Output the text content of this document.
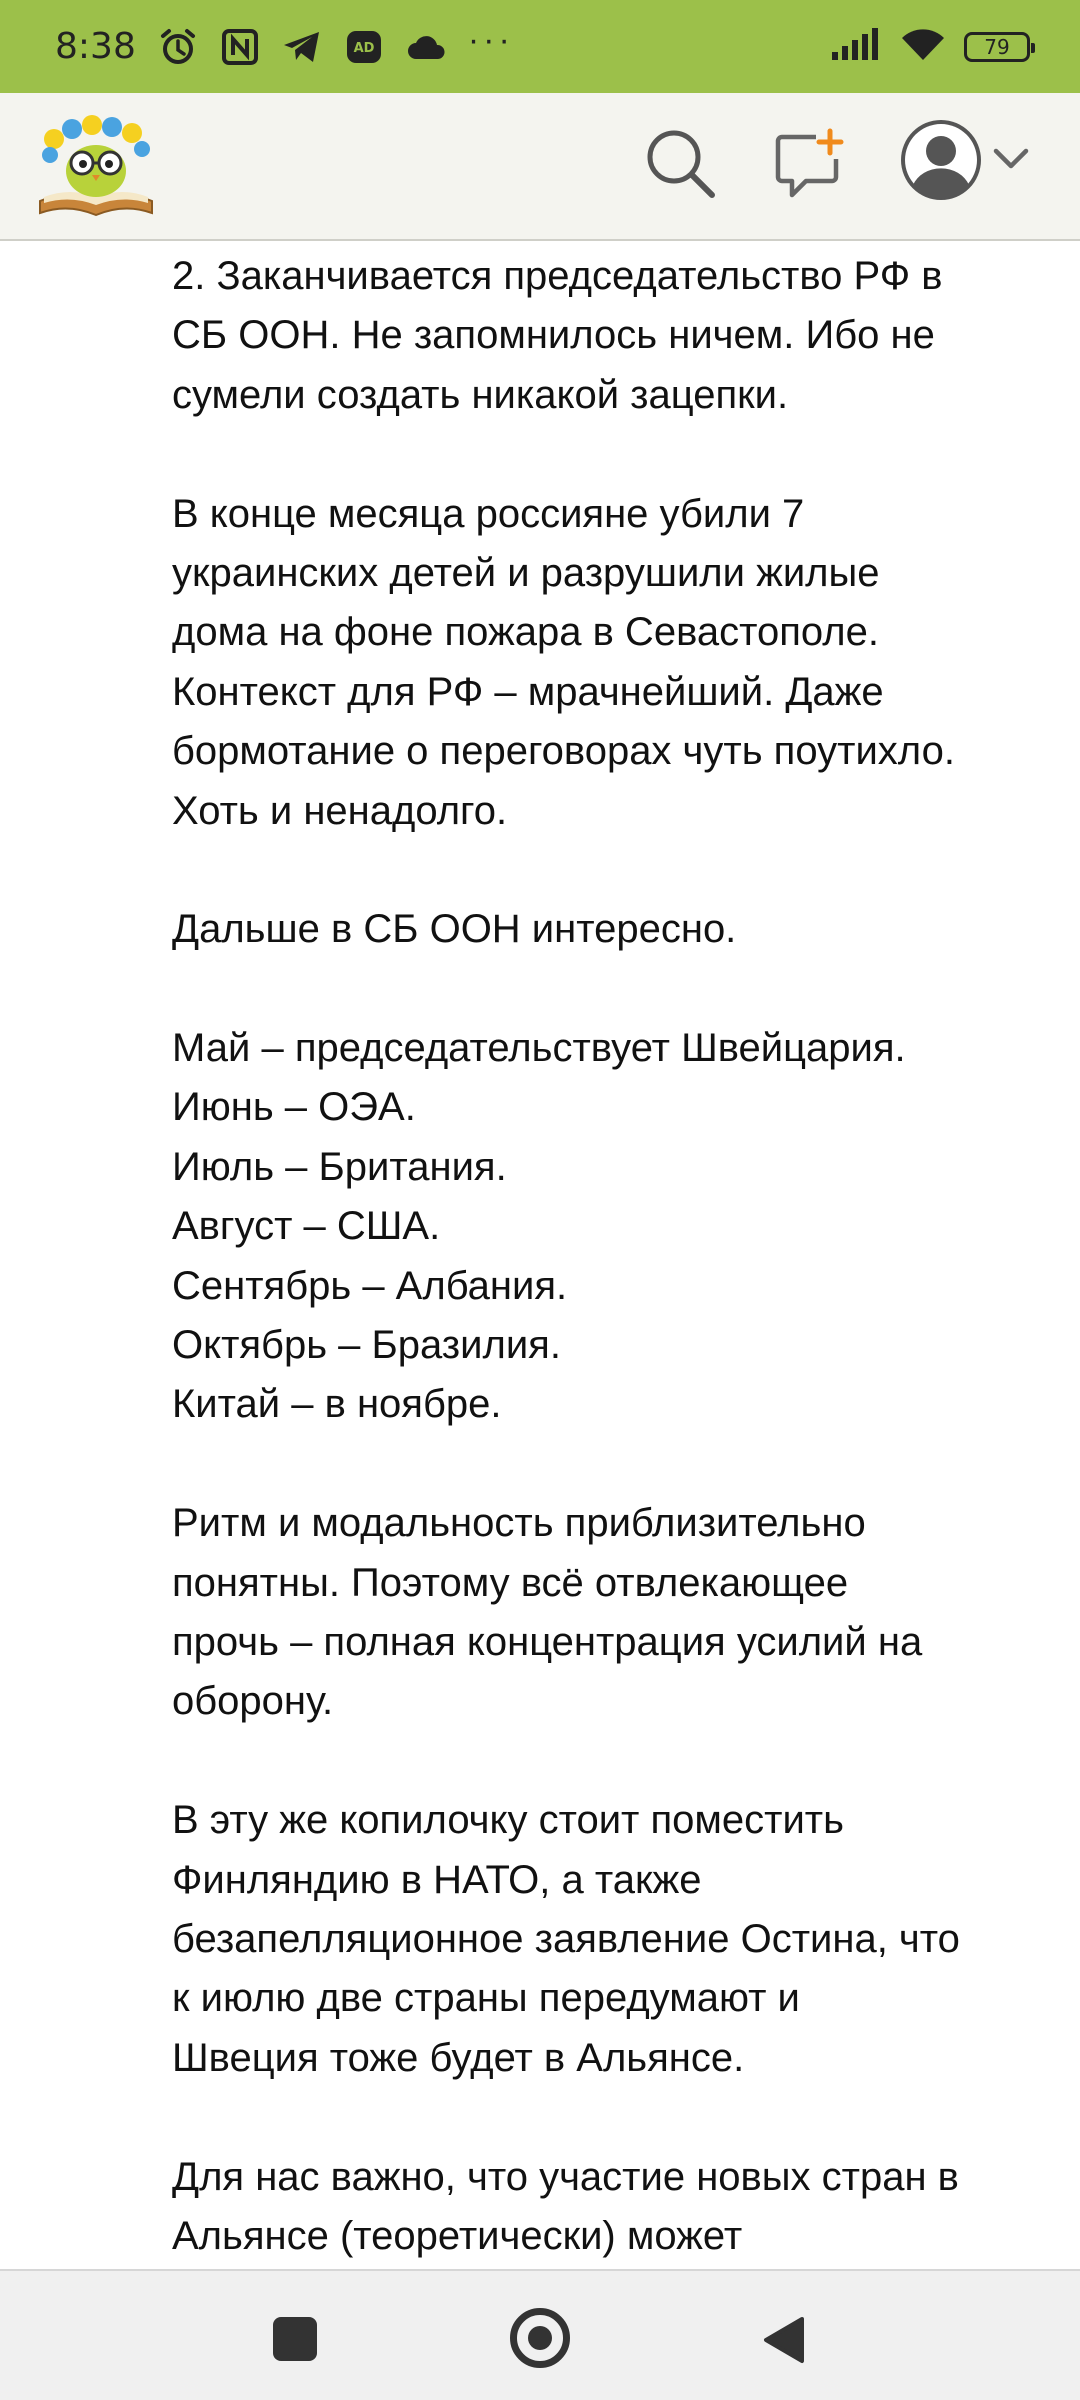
8:38	AD	···	79

2. Заканчивается председательство РФ в
СБ ООН. Не запомнилось ничем. Ибо не
сумели создать никакой зацепки.

В конце месяца россияне убили 7
украинских детей и разрушили жилые
дома на фоне пожара в Севастополе.
Контекст для РФ – мрачнейший. Даже
бормотание о переговорах чуть поутихло.
Хоть и ненадолго.

Дальше в СБ ООН интересно.

Май – председательствует Швейцария.
Июнь – ОЭА.
Июль – Британия.
Август – США.
Сентябрь – Албания.
Октябрь – Бразилия.
Китай – в ноябре.

Ритм и модальность приблизительно
понятны. Поэтому всё отвлекающее
прочь – полная концентрация усилий на
оборону.

В эту же копилочку стоит поместить
Финляндию в НАТО, а также
безапелляционное заявление Остина, что
к июлю две страны передумают и
Швеция тоже будет в Альянсе.

Для нас важно, что участие новых стран в
Альянсе (теоретически) может
